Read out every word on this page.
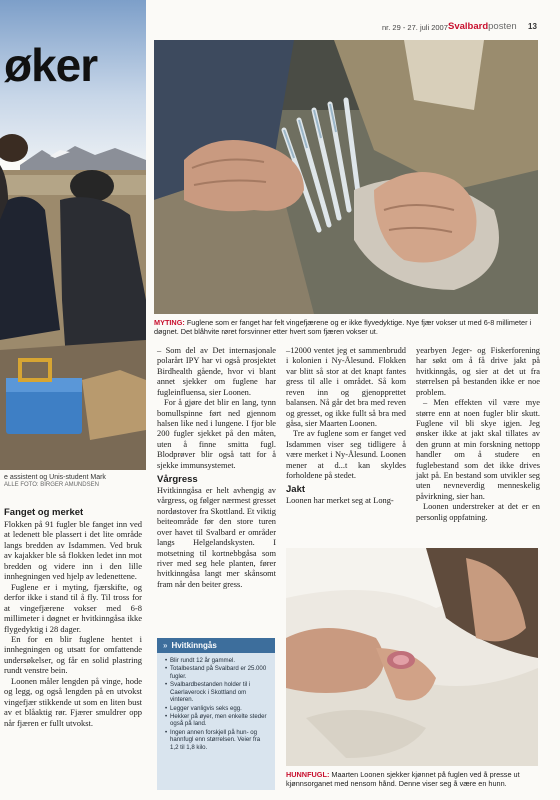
nr. 29 - 27. juli 2007 Svalbardposten 13
øker
e assistent og Unis-student Mark
ALLE FOTO: BIRGER AMUNDSEN
MYTING: Fuglene som er fanget har felt vingefjærene og er ikke flyvedyktige. Nye fjær vokser ut med 6-8 millimeter i døgnet. Det blåhvite røret forsvinner etter hvert som fjæren vokser ut.
Fanget og merket

Flokken på 91 fugler ble fanget inn ved at ledenett ble plassert i det lite område langs bredden av Isdammen. Ved bruk av kajakker ble så flokken ledet inn mot bredden og videre inn i den lille innhegningen ved hjelp av ledenettene.

Fuglene er i myting, fjærskifte, og derfor ikke i stand til å fly. Til tross for at vingefjærene vokser med 6-8 millimeter i døgnet er hvitkinngåsa ikke flygedyktig i 28 dager.

En for en blir fuglene hentet i innhegningen og utsatt for omfattende undersøkelser, og får en solid plastring rundt venstre bein.

Loonen måler lengden på vinge, hode og legg, og også lengden på en utvokst vingefjær stikkende ut som en liten bust av et blåaktig rør. Fjærer smuldrer opp når fjæren er fullt utvokst.

– Som del av Det internasjonale polarårt IPY har vi også prosjektet Birdhealth gående, hvor vi blant annet sjekker om fuglene har fugleinfluensa, sier Loonen.

For å gjøre det blir en lang, tynn bomullspinne ført ned gjennom halsen like ned i lungene. I fjor ble 200 fugler sjekket på den måten, uten å finne smitta fugl. Blodprøver blir også tatt for å sjekke immunsystemet.

Vårgress

Hvitkinngåsa er helt avhengig av vårgress, og følger nærmest gresset nordøstover fra Skottland. Et viktig beiteområde før den store turen over havet til Svalbard er områder langs Helgelandskysten. I motsetning til kortnebbgåsa som river med seg hele planten, fører hvitkinngåsa langt mer skånsomt fram når den beiter gress.

» Hvitkinngås
• Blir rundt 12 år gammel.
• Totalbestand på Svalbard er 25.000 fugler.
• Svalbardbestanden holder til i Caerlaverock i Skottland om vinteren.
• Legger vanligvis seks egg.
• Hekker på øyer, men enkelte steder også på land.
• Ingen annen forskjell på hun- og hannfugl enn størrelsen. Veier fra 1,2 til 1,8 kilo.

–12000 ventet jeg et sammenbrudd i kolonien i Ny-Ålesund. Flokken var blitt så stor at det knapt fantes gress til alle i området. Så kom reven inn og gjenopprettet balansen. Nå går det bra med reven og gresset, og ikke fullt så bra med gåsa, sier Maarten Loonen.

Tre av fuglene som er fanget ved Isdammen viser seg tidligere å være merket i Ny-Ålesund. Loonen mener at d...t kan skyldes forholdene på stedet.

Jakt

Loonen har merket seg at Long-

yearbyen Jeger- og Fiskerforening har søkt om å få drive jakt på hvitkinngås, og sier at det ut fra størrelsen på bestanden ikke er noe problem.

– Men effekten vil være mye større enn at noen fugler blir skutt. Fuglene vil bli skye igjen. Jeg ønsker ikke at jakt skal tillates av den grunn at min forskning nettopp handler om å studere en fuglebestand som det ikke drives jakt på. En bestand som utvikler seg uten nevneverdig menneskelig påvirkning, sier han.

Loonen understreker at det er en personlig oppfatning.

HUNNFUGL: Maarten Loonen sjekker kjønnet på fuglen ved å presse ut kjønnsorganet med nensom hånd. Denne viser seg å være en hunn.
